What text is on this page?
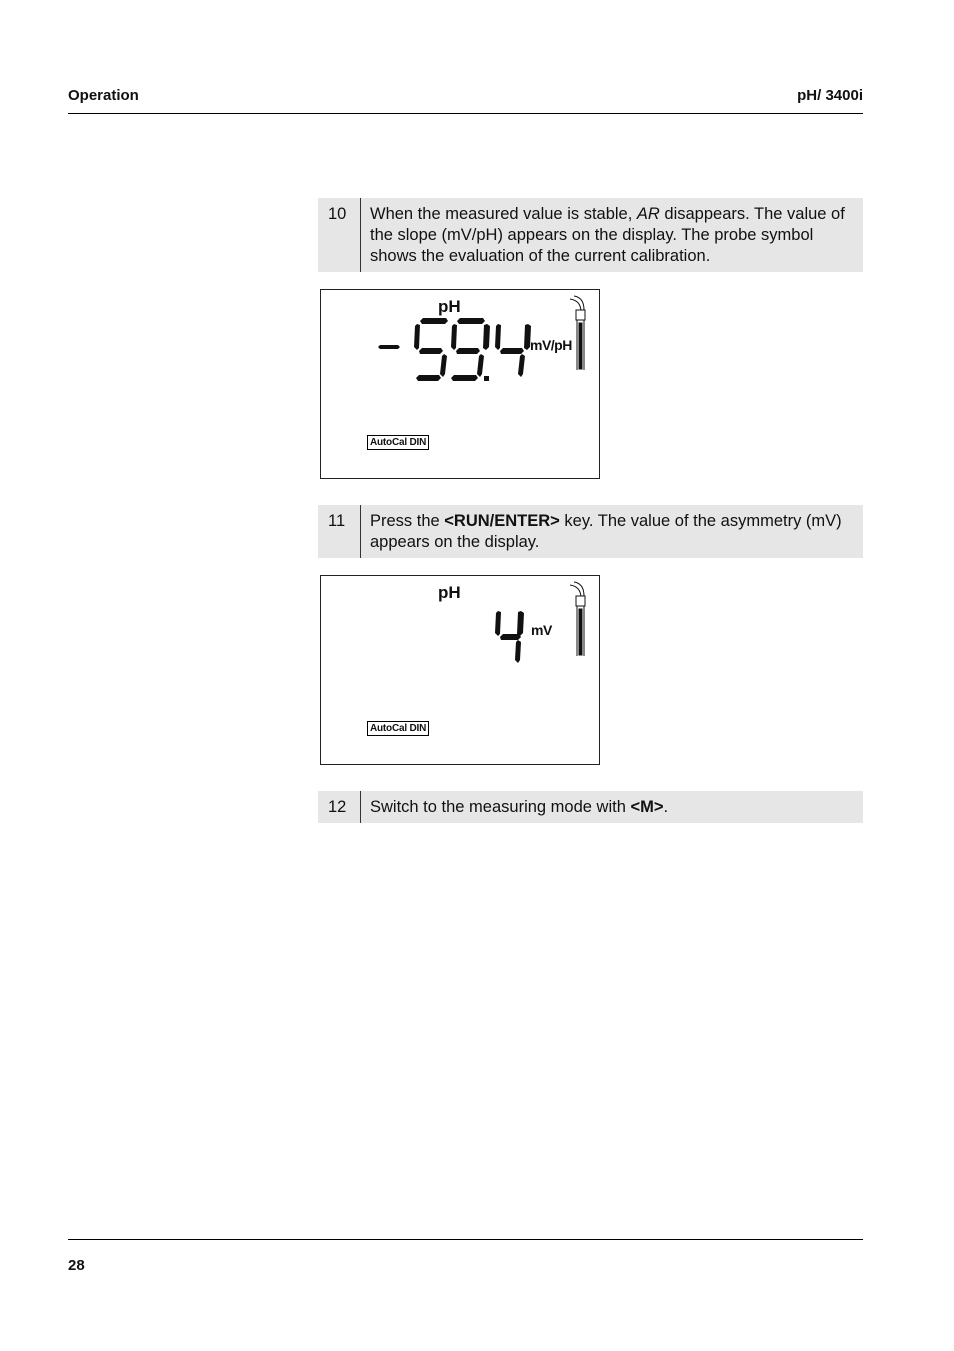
Operation	pH/ 3400i
10	When the measured value is stable, AR disappears. The value of the slope (mV/pH) appears on the display. The probe symbol shows the evaluation of the current calibration.
pH
mV/pH
AutoCal DIN
11	Press the <RUN/ENTER> key. The value of the asymmetry (mV) appears on the display.
pH
mV
AutoCal DIN
12	Switch to the measuring mode with <M>.
28
